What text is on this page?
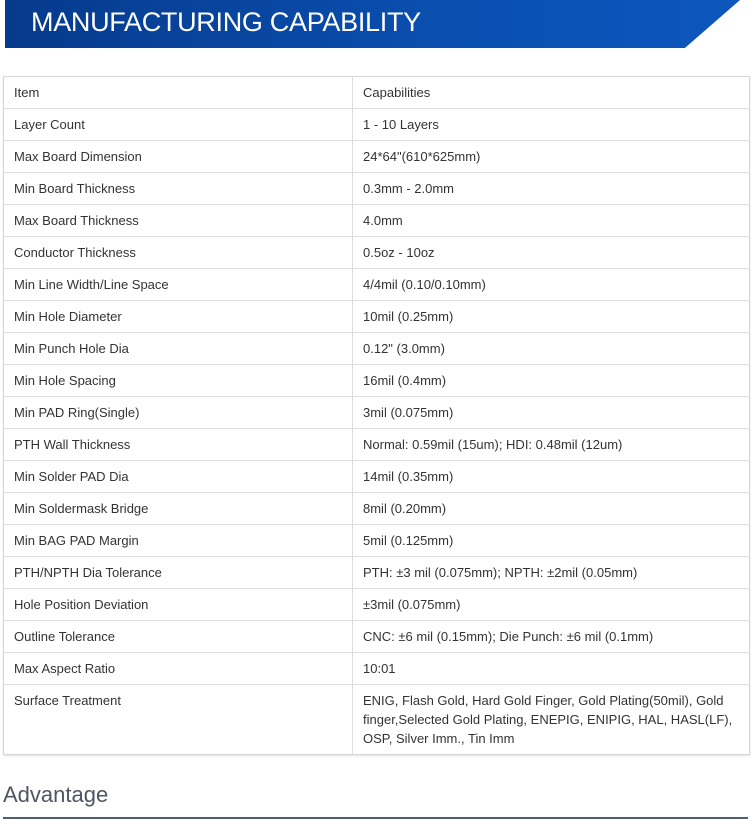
MANUFACTURING CAPABILITY
Item	Capabilities
Layer Count	1 - 10 Layers
Max Board Dimension	24*64"(610*625mm)
Min Board Thickness	0.3mm - 2.0mm
Max Board Thickness	4.0mm
Conductor Thickness	0.5oz - 10oz
Min Line Width/Line Space	4/4mil (0.10/0.10mm)
Min Hole Diameter	10mil (0.25mm)
Min Punch Hole Dia	0.12" (3.0mm)
Min Hole Spacing	16mil (0.4mm)
Min PAD Ring(Single)	3mil (0.075mm)
PTH Wall Thickness	Normal: 0.59mil (15um); HDI: 0.48mil (12um)
Min Solder PAD Dia	14mil (0.35mm)
Min Soldermask Bridge	8mil (0.20mm)
Min BAG PAD Margin	5mil (0.125mm)
PTH/NPTH Dia Tolerance	PTH: ±3 mil (0.075mm); NPTH: ±2mil (0.05mm)
Hole Position Deviation	±3mil (0.075mm)
Outline Tolerance	CNC: ±6 mil (0.15mm); Die Punch: ±6 mil (0.1mm)
Max Aspect Ratio	10:01
Surface Treatment	ENIG, Flash Gold, Hard Gold Finger, Gold Plating(50mil), Gold finger,Selected Gold Plating, ENEPIG, ENIPIG, HAL, HASL(LF), OSP, Silver Imm., Tin Imm
Advantage
